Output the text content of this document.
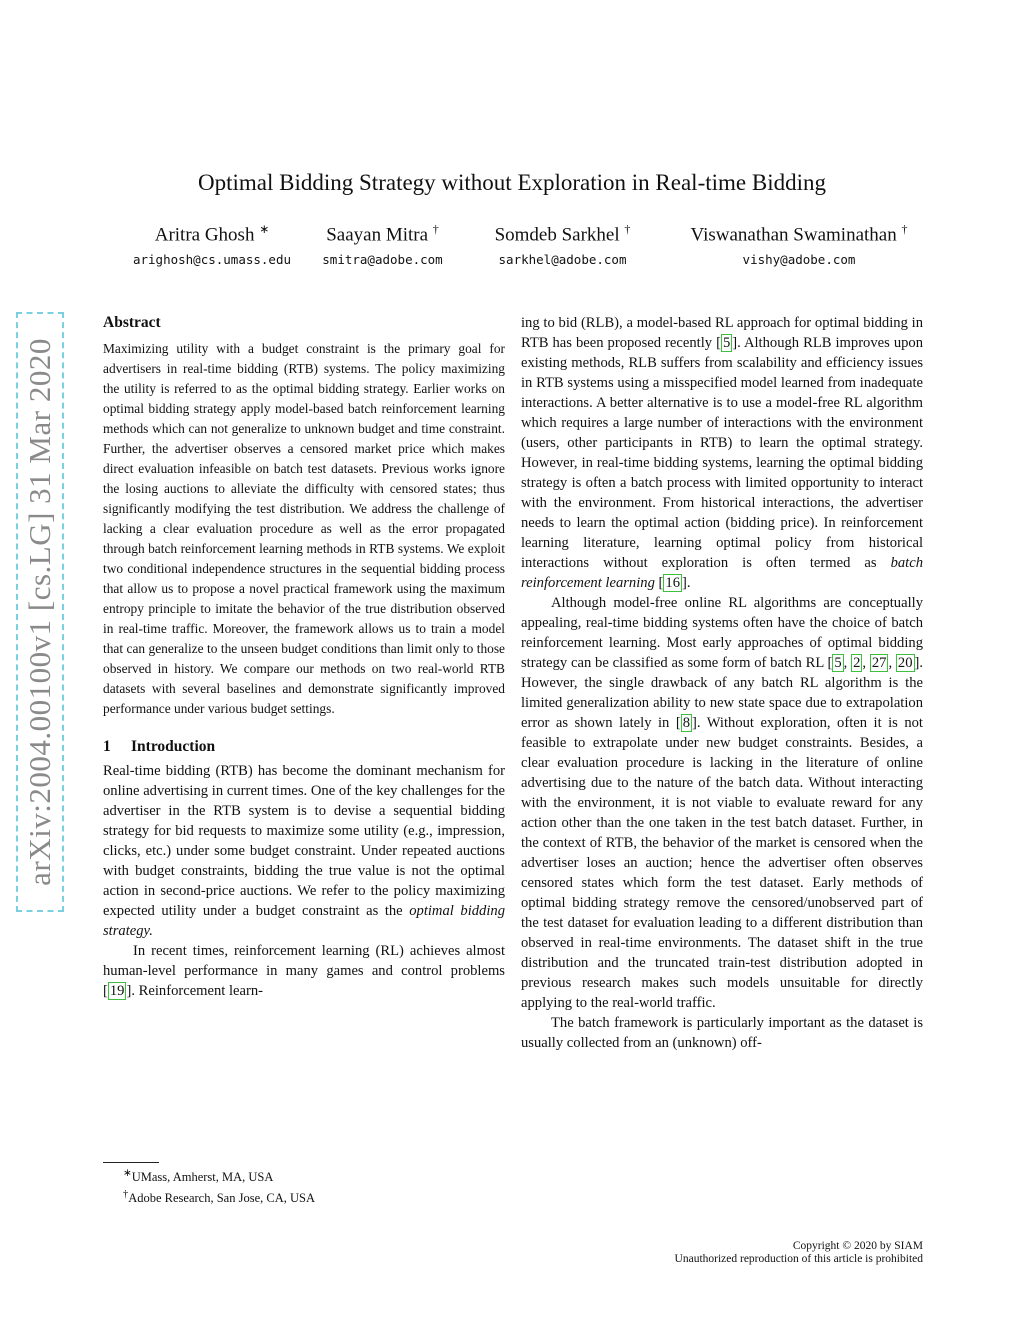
arXiv:2004.00100v1 [cs.LG] 31 Mar 2020
Optimal Bidding Strategy without Exploration in Real-time Bidding
Aritra Ghosh ∗
arighosh@cs.umass.edu
Saayan Mitra †
smitra@adobe.com
Somdeb Sarkhel †
sarkhel@adobe.com
Viswanathan Swaminathan †
vishy@adobe.com
Abstract

Maximizing utility with a budget constraint is the primary goal for advertisers in real-time bidding (RTB) systems. The policy maximizing the utility is referred to as the optimal bidding strategy. Earlier works on optimal bidding strategy apply model-based batch reinforcement learning methods which can not generalize to unknown budget and time constraint. Further, the advertiser observes a censored market price which makes direct evaluation infeasible on batch test datasets. Previous works ignore the losing auctions to alleviate the difficulty with censored states; thus significantly modifying the test distribution. We address the challenge of lacking a clear evaluation procedure as well as the error propagated through batch reinforcement learning methods in RTB systems. We exploit two conditional independence structures in the sequential bidding process that allow us to propose a novel practical framework using the maximum entropy principle to imitate the behavior of the true distribution observed in real-time traffic. Moreover, the framework allows us to train a model that can generalize to the unseen budget conditions than limit only to those observed in history. We compare our methods on two real-world RTB datasets with several baselines and demonstrate significantly improved performance under various budget settings.

1 Introduction

Real-time bidding (RTB) has become the dominant mechanism for online advertising in current times. One of the key challenges for the advertiser in the RTB system is to devise a sequential bidding strategy for bid requests to maximize some utility (e.g., impression, clicks, etc.) under some budget constraint. Under repeated auctions with budget constraints, bidding the true value is not the optimal action in second-price auctions. We refer to the policy maximizing expected utility under a budget constraint as the optimal bidding strategy.

In recent times, reinforcement learning (RL) achieves almost human-level performance in many games and control problems [ 19 ]. Reinforcement learn-

ing to bid (RLB), a model-based RL approach for optimal bidding in RTB has been proposed recently [ 5 ]. Although RLB improves upon existing methods, RLB suffers from scalability and efficiency issues in RTB systems using a misspecified model learned from inadequate interactions. A better alternative is to use a model-free RL algorithm which requires a large number of interactions with the environment (users, other participants in RTB) to learn the optimal strategy. However, in real-time bidding systems, learning the optimal bidding strategy is often a batch process with limited opportunity to interact with the environment. From historical interactions, the advertiser needs to learn the optimal action (bidding price). In reinforcement learning literature, learning optimal policy from historical interactions without exploration is often termed as batch reinforcement learning [ 16 ].

Although model-free online RL algorithms are conceptually appealing, real-time bidding systems often have the choice of batch reinforcement learning. Most early approaches of optimal bidding strategy can be classified as some form of batch RL [ 5 , 2 , 27 , 20 ]. However, the single drawback of any batch RL algorithm is the limited generalization ability to new state space due to extrapolation error as shown lately in [ 8 ]. Without exploration, often it is not feasible to extrapolate under new budget constraints. Besides, a clear evaluation procedure is lacking in the literature of online advertising due to the nature of the batch data. Without interacting with the environment, it is not viable to evaluate reward for any action other than the one taken in the test batch dataset. Further, in the context of RTB, the behavior of the market is censored when the advertiser loses an auction; hence the advertiser often observes censored states which form the test dataset. Early methods of optimal bidding strategy remove the censored/unobserved part of the test dataset for evaluation leading to a different distribution than observed in real-time environments. The dataset shift in the true distribution and the truncated train-test distribution adopted in previous research makes such models unsuitable for directly applying to the real-world traffic.

The batch framework is particularly important as the dataset is usually collected from an (unknown) off-

∗UMass, Amherst, MA, USA
†Adobe Research, San Jose, CA, USA
Copyright © 2020 by SIAM
Unauthorized reproduction of this article is prohibited
